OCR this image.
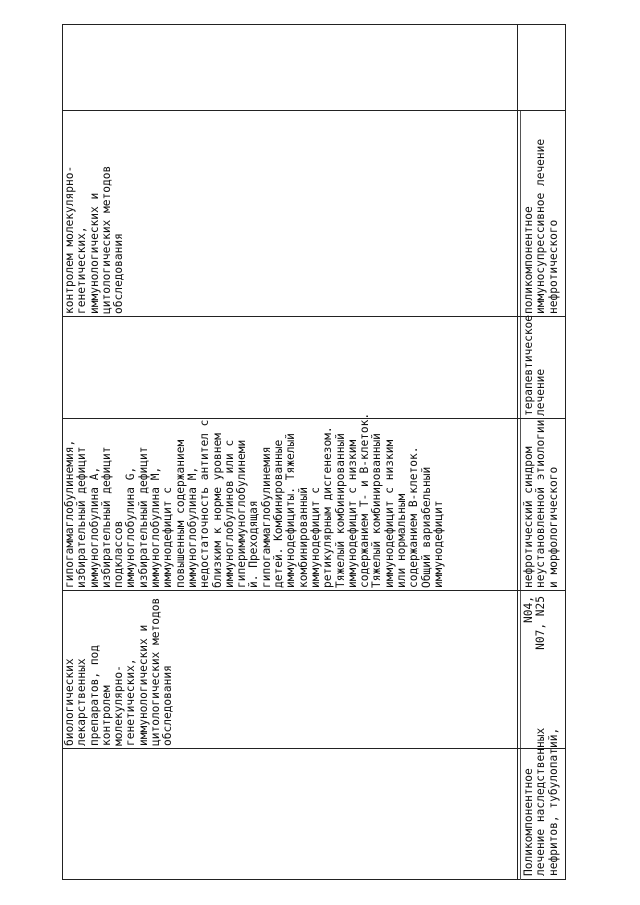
биологических
лекарственных
препаратов, под
контролем
молекулярно-
генетических,
иммунологических и
цитологических методов
обследования
гипогаммаглобулинемия,
избирательный дефицит
иммуноглобулина A,
избирательный дефицит
подклассов
иммуноглобулина G,
избирательный дефицит
иммуноглобулина M,
иммунодефицит с
повышенным содержанием
иммуноглобулина M,
недостаточность антител с
близким к норме уровнем
иммуноглобулинов или с
гипериммуноглобулинеми
й. Преходящая
гипогаммаглобулинемия
детей. Комбинированные
иммунодефициты. Тяжелый
комбинированный
иммунодефицит с
ретикулярным дисгенезом.
Тяжелый комбинированный
иммунодефицит с низким
содержанием T- и B-клеток.
Тяжелый комбинированный
иммунодефицит с низким
или нормальным
содержанием B-клеток.
Общий вариабельный
иммунодефицит
контролем молекулярно-
генетических,
иммунологических и
цитологических методов
обследования
Поликомпонентное
лечение наследственных
нефритов, тубулопатий,
N04,
N07, N25
нефротический синдром
неустановленной этиологии
и морфологического
терапевтическое
лечение
поликомпонентное
иммуносупрессивное лечение
нефротического
